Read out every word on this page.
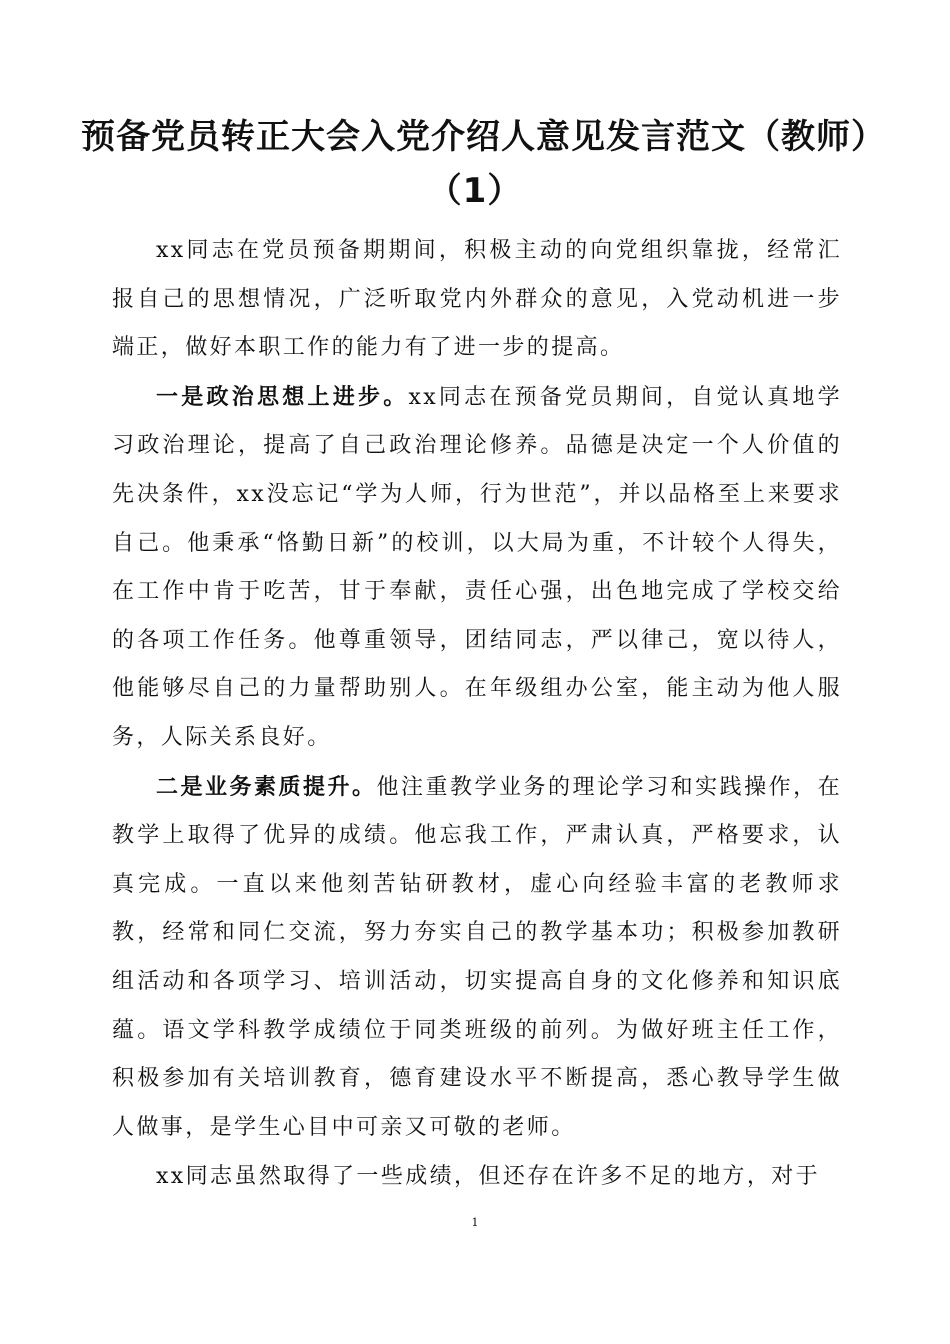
预备党员转正大会入党介绍人意见发言范文（教师）（1）

xx同志在党员预备期期间，积极主动的向党组织靠拢，经常汇报自己的思想情况，广泛听取党内外群众的意见，入党动机进一步端正，做好本职工作的能力有了进一步的提高。

一是政治思想上进步。xx同志在预备党员期间，自觉认真地学习政治理论，提高了自己政治理论修养。品德是决定一个人价值的先决条件，xx没忘记“学为人师，行为世范”，并以品格至上来要求自己。他秉承“恪勤日新”的校训，以大局为重，不计较个人得失，在工作中肯于吃苦，甘于奉献，责任心强，出色地完成了学校交给的各项工作任务。他尊重领导，团结同志，严以律己，宽以待人，他能够尽自己的力量帮助别人。在年级组办公室，能主动为他人服务，人际关系良好。

二是业务素质提升。他注重教学业务的理论学习和实践操作，在教学上取得了优异的成绩。他忘我工作，严肃认真，严格要求，认真完成。一直以来他刻苦钻研教材，虚心向经验丰富的老教师求教，经常和同仁交流，努力夯实自己的教学基本功；积极参加教研组活动和各项学习、培训活动，切实提高自身的文化修养和知识底蕴。语文学科教学成绩位于同类班级的前列。为做好班主任工作，积极参加有关培训教育，德育建设水平不断提高，悉心教导学生做人做事，是学生心目中可亲又可敬的老师。

xx同志虽然取得了一些成绩，但还存在许多不足的地方，对于

1
